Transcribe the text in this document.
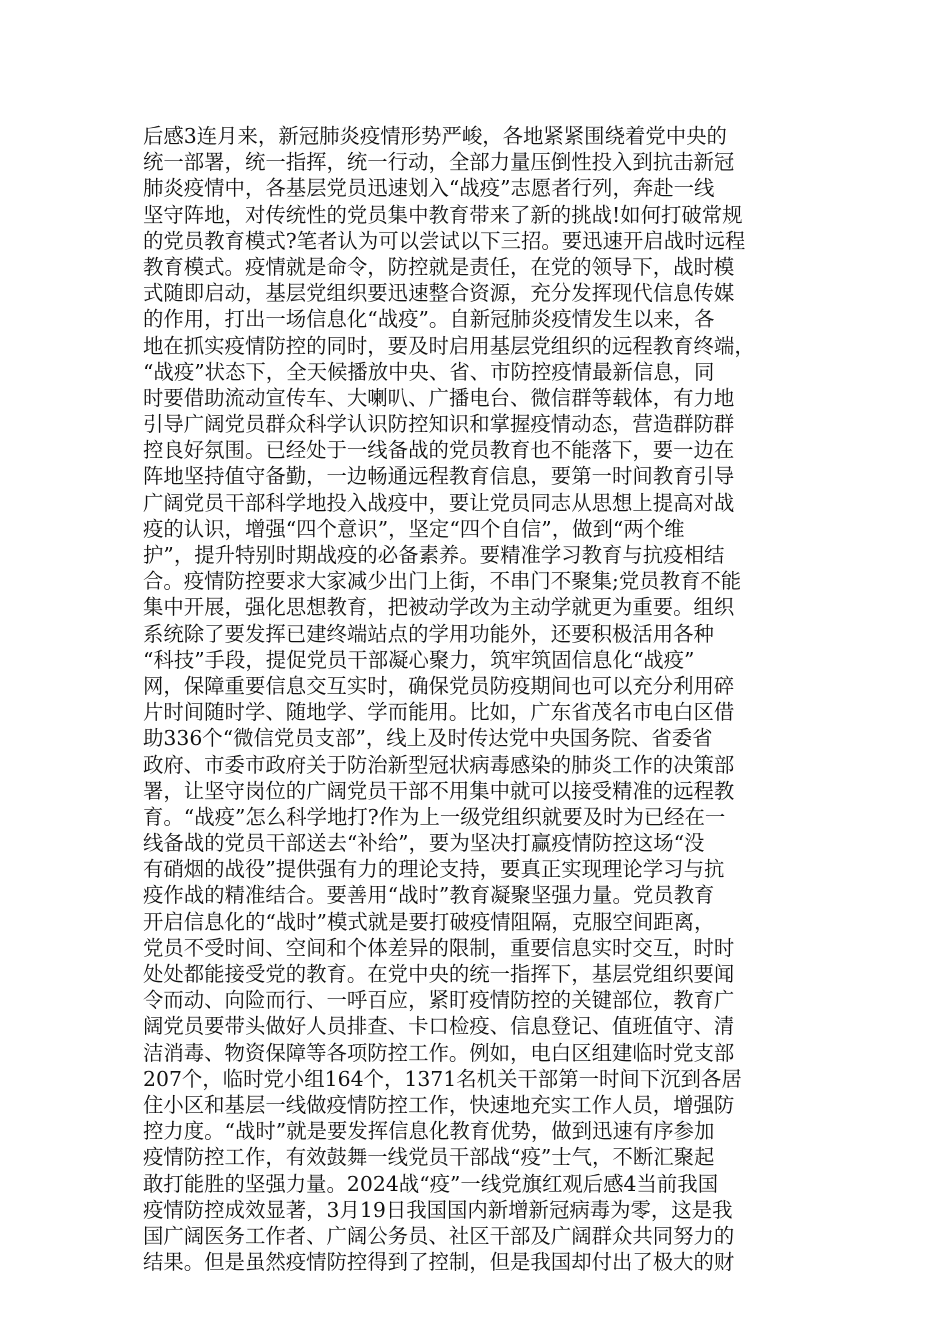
后感3连月来，新冠肺炎疫情形势严峻，各地紧紧围绕着党中央的
统一部署，统一指挥，统一行动，全部力量压倒性投入到抗击新冠
肺炎疫情中，各基层党员迅速划入“战疫”志愿者行列，奔赴一线
坚守阵地，对传统性的党员集中教育带来了新的挑战!如何打破常规
的党员教育模式?笔者认为可以尝试以下三招。要迅速开启战时远程
教育模式。疫情就是命令，防控就是责任，在党的领导下，战时模
式随即启动，基层党组织要迅速整合资源，充分发挥现代信息传媒
的作用，打出一场信息化“战疫”。自新冠肺炎疫情发生以来，各
地在抓实疫情防控的同时，要及时启用基层党组织的远程教育终端，
“战疫”状态下，全天候播放中央、省、市防控疫情最新信息，同
时要借助流动宣传车、大喇叭、广播电台、微信群等载体，有力地
引导广阔党员群众科学认识防控知识和掌握疫情动态，营造群防群
控良好氛围。已经处于一线备战的党员教育也不能落下，要一边在
阵地坚持值守备勤，一边畅通远程教育信息，要第一时间教育引导
广阔党员干部科学地投入战疫中，要让党员同志从思想上提高对战
疫的认识，增强“四个意识”，坚定“四个自信”，做到“两个维
护”，提升特别时期战疫的必备素养。要精准学习教育与抗疫相结
合。疫情防控要求大家减少出门上街，不串门不聚集;党员教育不能
集中开展，强化思想教育，把被动学改为主动学就更为重要。组织
系统除了要发挥已建终端站点的学用功能外，还要积极活用各种
“科技”手段，提促党员干部凝心聚力，筑牢筑固信息化“战疫”
网，保障重要信息交互实时，确保党员防疫期间也可以充分利用碎
片时间随时学、随地学、学而能用。比如，广东省茂名市电白区借
助336个“微信党员支部”，线上及时传达党中央国务院、省委省
政府、市委市政府关于防治新型冠状病毒感染的肺炎工作的决策部
署，让坚守岗位的广阔党员干部不用集中就可以接受精准的远程教
育。“战疫”怎么科学地打?作为上一级党组织就要及时为已经在一
线备战的党员干部送去“补给”，要为坚决打赢疫情防控这场“没
有硝烟的战役”提供强有力的理论支持，要真正实现理论学习与抗
疫作战的精准结合。要善用“战时”教育凝聚坚强力量。党员教育
开启信息化的“战时”模式就是要打破疫情阻隔，克服空间距离，
党员不受时间、空间和个体差异的限制，重要信息实时交互，时时
处处都能接受党的教育。在党中央的统一指挥下，基层党组织要闻
令而动、向险而行、一呼百应，紧盯疫情防控的关键部位，教育广
阔党员要带头做好人员排查、卡口检疫、信息登记、值班值守、清
洁消毒、物资保障等各项防控工作。例如，电白区组建临时党支部
207个，临时党小组164个，1371名机关干部第一时间下沉到各居
住小区和基层一线做疫情防控工作，快速地充实工作人员，增强防
控力度。“战时”就是要发挥信息化教育优势，做到迅速有序参加
疫情防控工作，有效鼓舞一线党员干部战“疫”士气，不断汇聚起
敢打能胜的坚强力量。2024战“疫”一线党旗红观后感4当前我国
疫情防控成效显著，3月19日我国国内新增新冠病毒为零，这是我
国广阔医务工作者、广阔公务员、社区干部及广阔群众共同努力的
结果。但是虽然疫情防控得到了控制，但是我国却付出了极大的财
